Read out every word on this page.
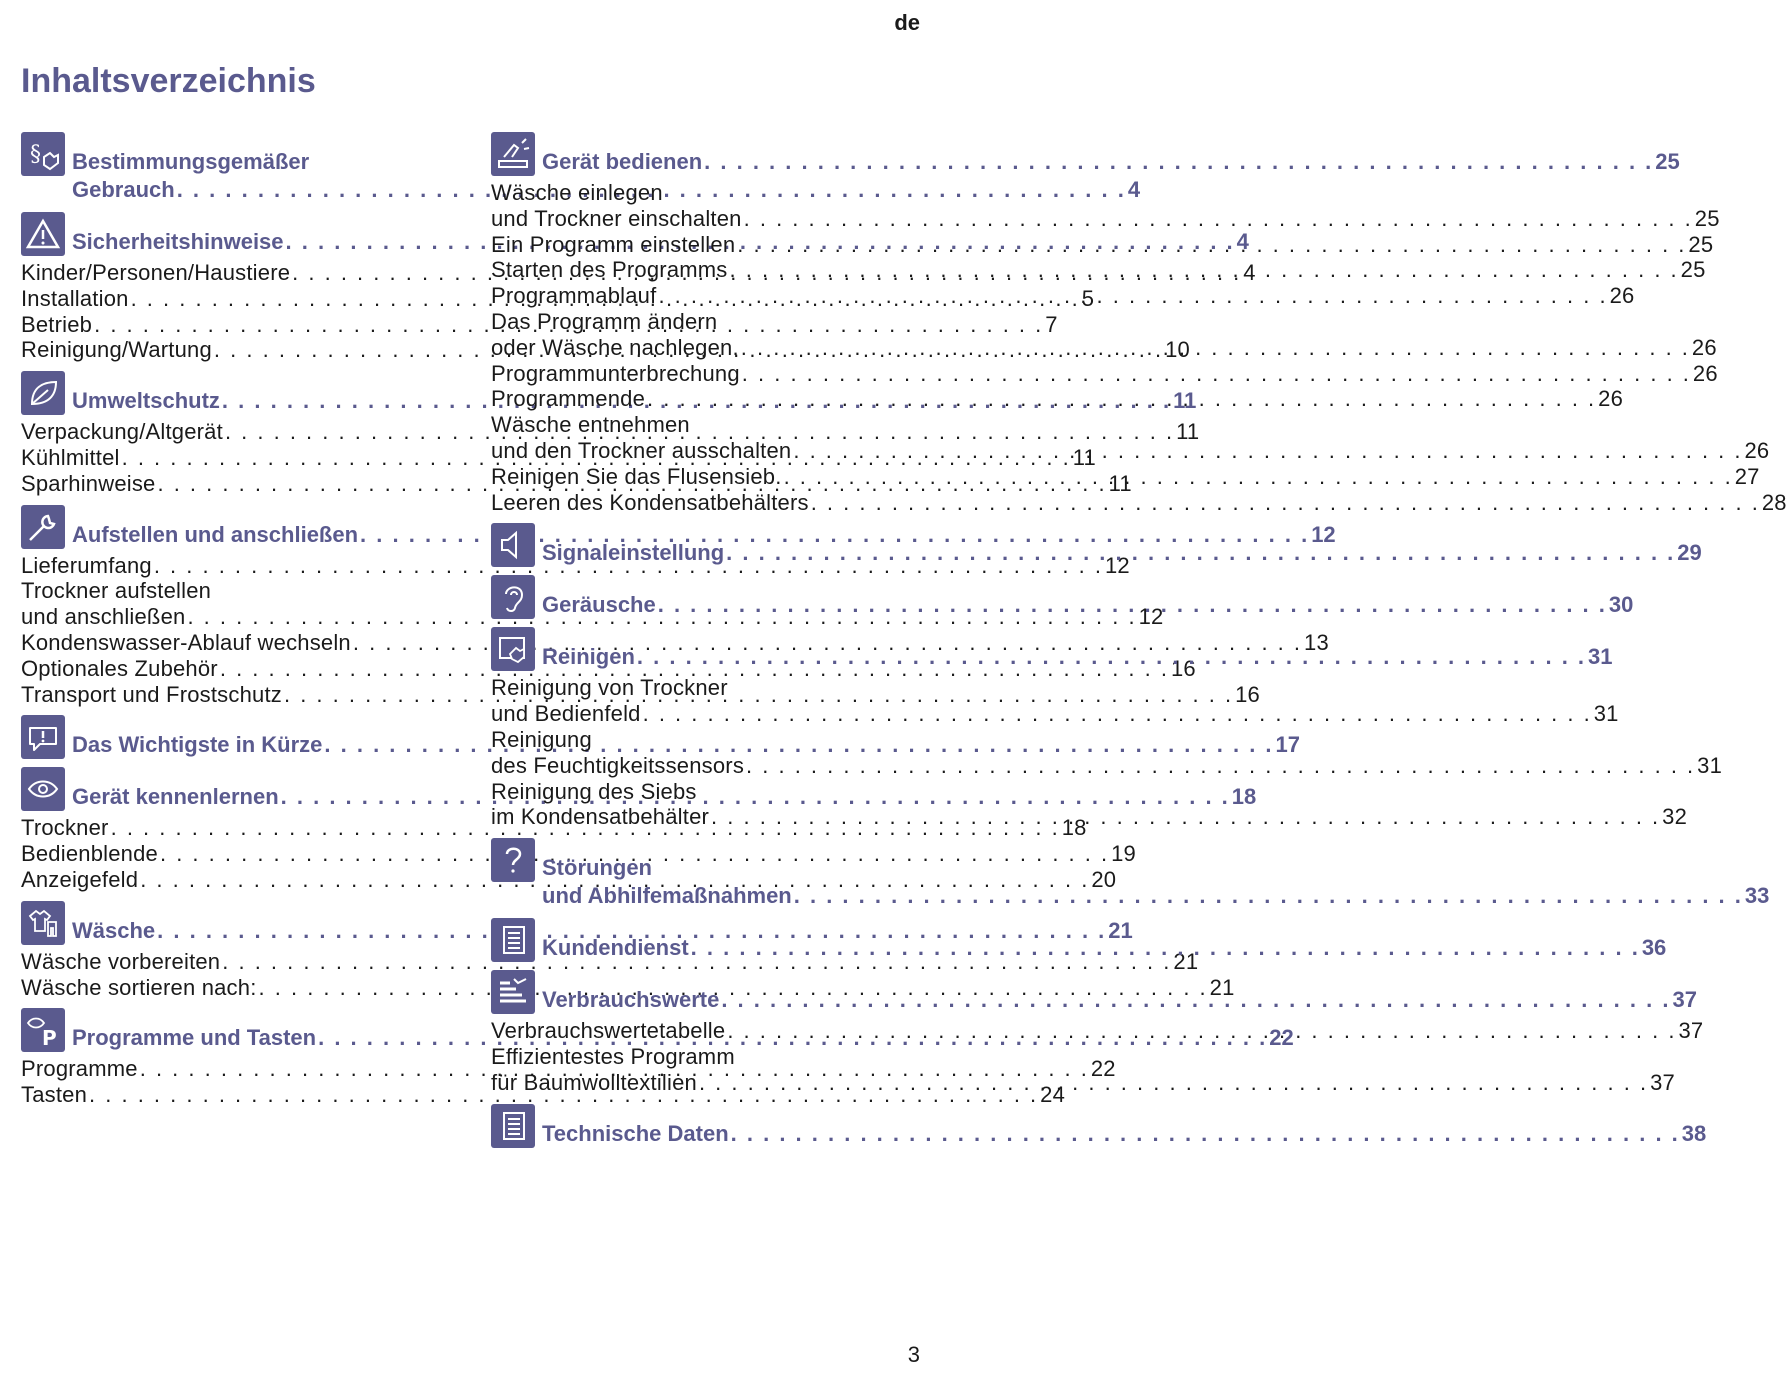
de
Inhaltsverzeichnis
§ Bestimmungsgemäßer
Gebrauch . . .	4
Sicherheitshinweise . . .	4
Kinder/Personen/Haustiere . . .	4
Installation . . .	5
Betrieb . . .	7
Reinigung/Wartung . . .	10
Umweltschutz . . .	11
Verpackung/Altgerät . . .	11
Kühlmittel . . .	11
Sparhinweise . . .	11
Aufstellen und anschließen . . .	12
Lieferumfang . . .	12
Trockner aufstellen
und anschließen . . .	12
Kondenswasser-Ablauf wechseln . . .	13
Optionales Zubehör . . .	16
Transport und Frostschutz . . .	16
Das Wichtigste in Kürze . . .	17
Gerät kennenlernen . . .	18
Trockner . . .	18
Bedienblende . . .	19
Anzeigefeld . . .	20
Wäsche . . .	21
Wäsche vorbereiten . . .	21
Wäsche sortieren nach: . . .	21
P Programme und Tasten . . .	22
Programme . . .	22
Tasten . . .	24
Gerät bedienen . . .	25
Wäsche einlegen
und Trockner einschalten . . .	25
Ein Programm einstellen . . .	25
Starten des Programms . . .	25
Programmablauf . . .	26
Das Programm ändern
oder Wäsche nachlegen. . . .	26
Programmunterbrechung . . .	26
Programmende . . .	26
Wäsche entnehmen
und den Trockner ausschalten . . .	26
Reinigen Sie das Flusensieb. . . .	27
Leeren des Kondensatbehälters . . .	28
Signaleinstellung . . .	29
Geräusche . . .	30
Reinigen . . .	31
Reinigung von Trockner
und Bedienfeld . . .	31
Reinigung
des Feuchtigkeitssensors . . .	31
Reinigung des Siebs
im Kondensatbehälter . . .	32
Störungen
und Abhilfemaßnahmen . . .	33
Kundendienst . . .	36
Verbrauchswerte . . .	37
Verbrauchswertetabelle . . .	37
Effizientestes Programm
für Baumwolltextilien . . .	37
Technische Daten . . .	38
3
